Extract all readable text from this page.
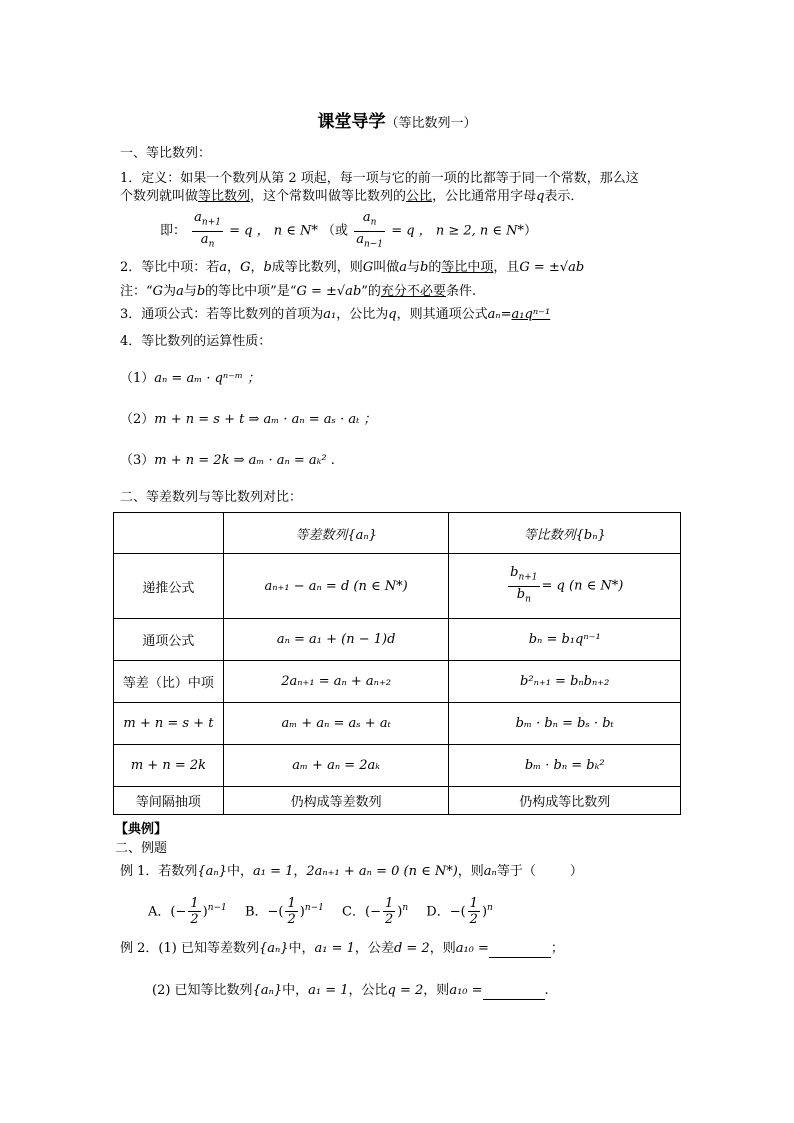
课堂导学（等比数列一）
一、等比数列：
1．定义：如果一个数列从第 2 项起，每一项与它的前一项的比都等于同一个常数，那么这
个数列就叫做等比数列，这个常数叫做等比数列的公比，公比通常用字母q表示．
即： $\frac{a_{n+1}}{a_n} = q$ ， n ∈ N* （或 $\frac{a_n}{a_{n-1}} = q$ ， n ≥ 2, n ∈ N*）
2．等比中项：若a，G，b成等比数列，则G叫做a与b的等比中项，且G = ±√ab
注：“G为a与b的等比中项”是“G = ±√ab”的充分不必要条件.
3．通项公式：若等比数列的首项为a₁，公比为q，则其通项公式aₙ=a₁qⁿ⁻¹
4．等比数列的运算性质：
（1）aₙ = aₘ · qⁿ⁻ᵐ ；
（2）m + n = s + t ⇒ aₘ · aₙ = aₛ · aₜ ；
（3）m + n = 2k ⇒ aₘ · aₙ = aₖ² .
二、等差数列与等比数列对比：
	等差数列{aₙ}	等比数列{bₙ}
递推公式	aₙ₊₁ − aₙ = d (n ∈ N*)	$\frac{b_{n+1}}{b_n} = q$ (n ∈ N*)
通项公式	aₙ = a₁ + (n − 1)d	bₙ = b₁qⁿ⁻¹
等差（比）中项	2aₙ₊₁ = aₙ + aₙ₊₂	b²ₙ₊₁ = bₙbₙ₊₂
m + n = s + t	aₘ + aₙ = aₛ + aₜ	bₘ · bₙ = bₛ · bₜ
m + n = 2k	aₘ + aₙ = 2aₖ	bₘ · bₙ = bₖ²
等间隔抽项	仍构成等差数列	仍构成等比数列
【典例】
二、例题
例 1．若数列{aₙ}中，a₁ = 1，2aₙ₊₁ + aₙ = 0 (n ∈ N*)，则aₙ等于（	）
A．(− $\frac{1}{2} )^{n-1}$ B．−( $\frac{1}{2} )^{n-1}$ C．(− $\frac{1}{2} )^n$ D．−( $\frac{1}{2} )^n$
例 2．(1) 已知等差数列{aₙ}中，a₁ = 1，公差d = 2，则a₁₀ =	；
(2) 已知等比数列{aₙ}中，a₁ = 1，公比q = 2，则a₁₀ =	.
